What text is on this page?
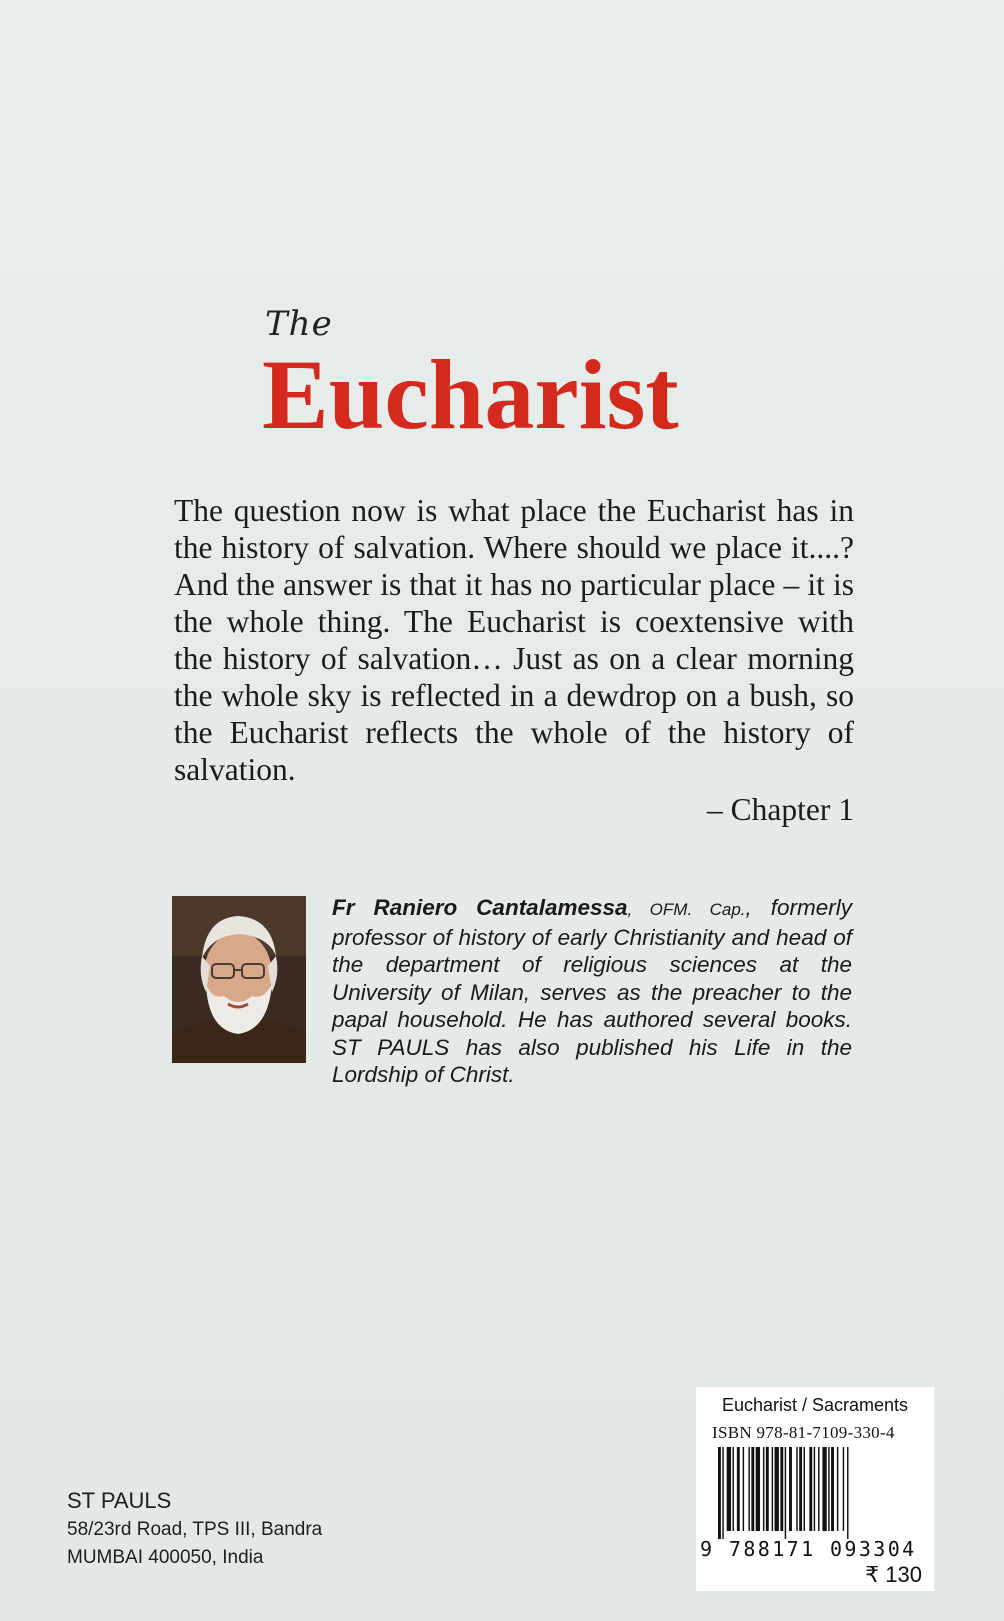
The
Eucharist

The question now is what place the Eucharist has in the history of salvation. Where should we place it....? And the answer is that it has no particular place – it is the whole thing. The Eucharist is coextensive with the history of salvation… Just as on a clear morning the whole sky is reflected in a dewdrop on a bush, so the Eucharist reflects the whole of the history of salvation.

– Chapter 1

Fr Raniero Cantalamessa, OFM. Cap., formerly professor of history of early Christianity and head of the department of religious sciences at the University of Milan, serves as the preacher to the papal household. He has authored several books. ST PAULS has also published his Life in the Lordship of Christ.

ST PAULS
58/23rd Road, TPS III, Bandra
MUMBAI 400050, India
Eucharist / Sacraments
ISBN 978-81-7109-330-4
9 788171 093304
₹ 130
